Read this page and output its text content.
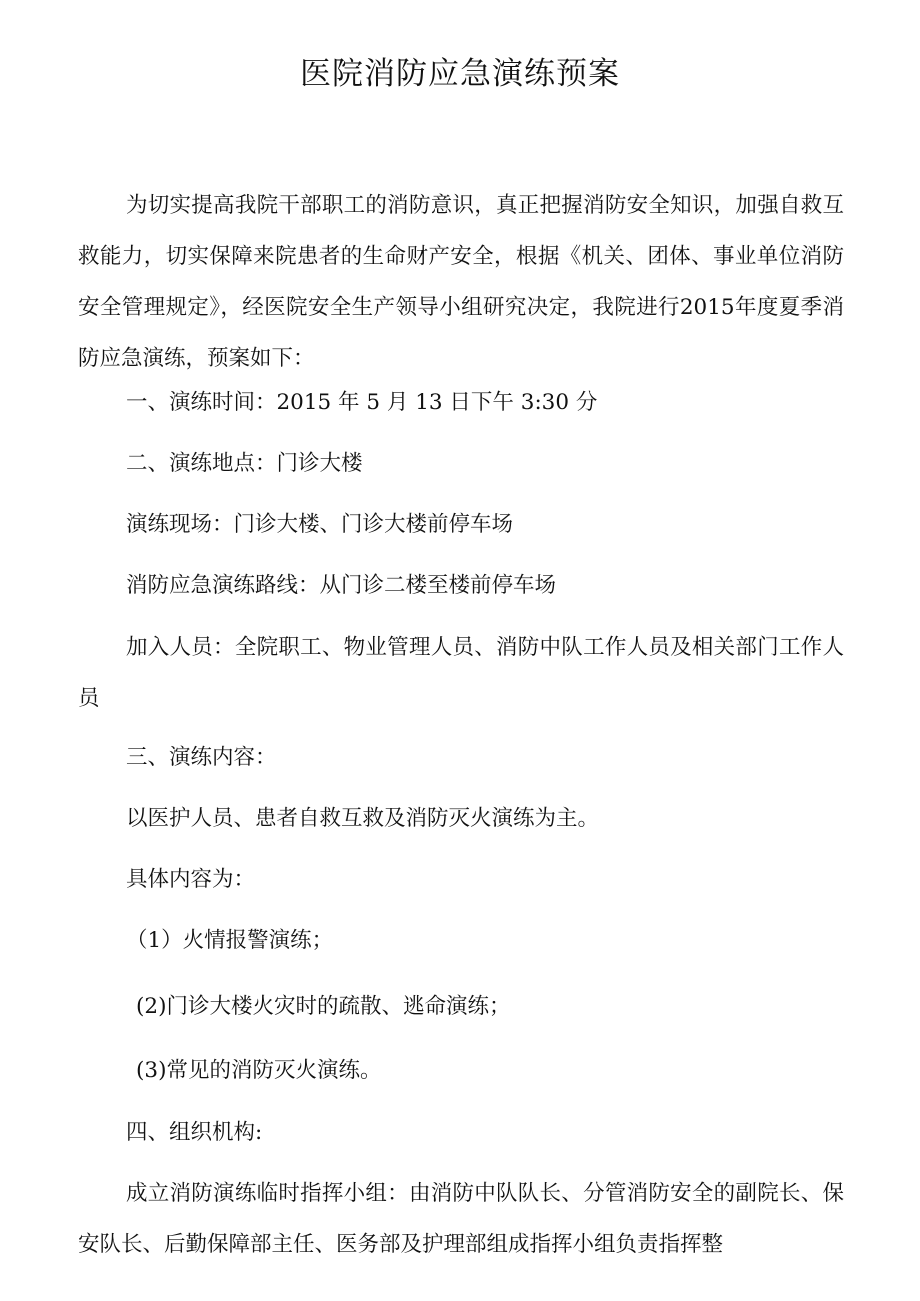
医院消防应急演练预案

为切实提高我院干部职工的消防意识，真正把握消防安全知识，加强自救互救能力，切实保障来院患者的生命财产安全，根据《机关、团体、事业单位消防安全管理规定》，经医院安全生产领导小组研究决定，我院进行2015年度夏季消防应急演练，预案如下：

一、演练时间：2015 年 5 月 13 日下午 3:30 分

二、演练地点：门诊大楼

演练现场：门诊大楼、门诊大楼前停车场

消防应急演练路线：从门诊二楼至楼前停车场

加入人员：全院职工、物业管理人员、消防中队工作人员及相关部门工作人员

三、演练内容：

以医护人员、患者自救互救及消防灭火演练为主。

具体内容为：

（1）火情报警演练；

(2)门诊大楼火灾时的疏散、逃命演练；

(3)常见的消防灭火演练。

四、组织机构:

成立消防演练临时指挥小组：由消防中队队长、分管消防安全的副院长、保安队长、后勤保障部主任、医务部及护理部组成指挥小组负责指挥整
